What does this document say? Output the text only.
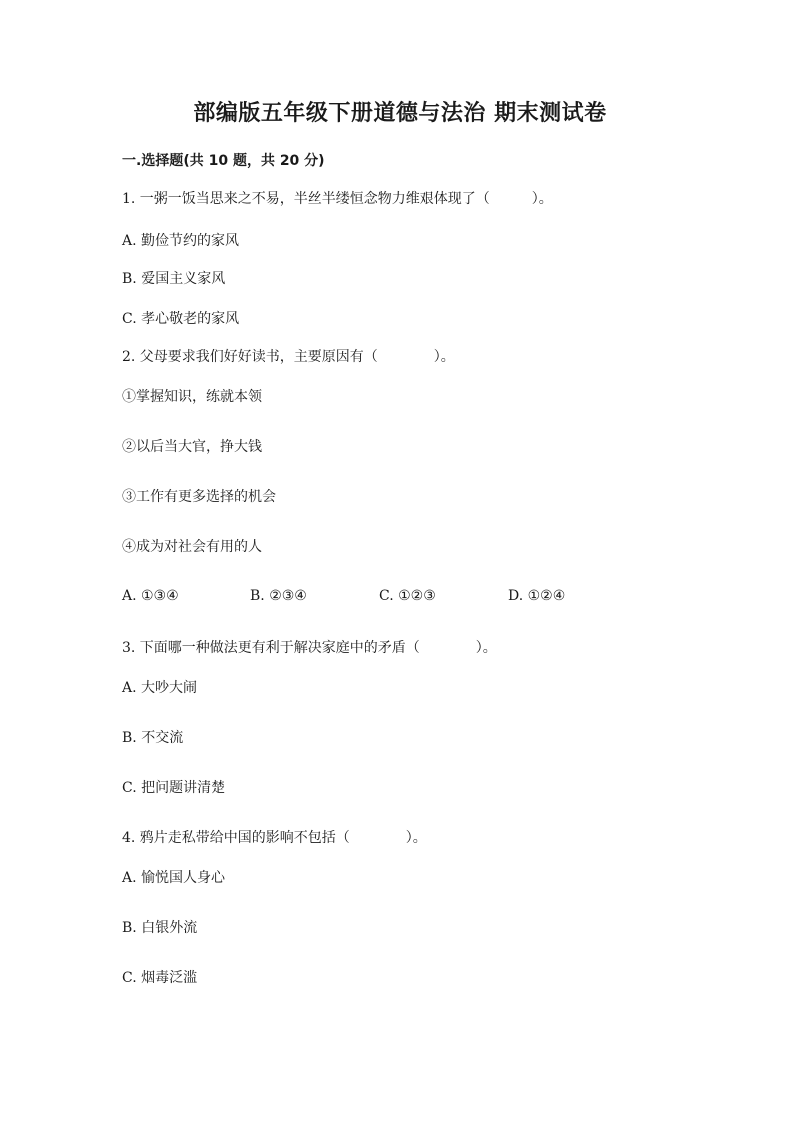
部编版五年级下册道德与法治 期末测试卷
一.选择题(共 10 题，共 20 分)
1. 一粥一饭当思来之不易，半丝半缕恒念物力维艰体现了（　　　）。
A. 勤俭节约的家风
B. 爱国主义家风
C. 孝心敬老的家风
2. 父母要求我们好好读书，主要原因有（　　　　）。
①掌握知识，练就本领
②以后当大官，挣大钱
③工作有更多选择的机会
④成为对社会有用的人
A. ①③④	B. ②③④	C. ①②③	D. ①②④
3. 下面哪一种做法更有利于解决家庭中的矛盾（　　　　）。
A. 大吵大闹
B. 不交流
C. 把问题讲清楚
4. 鸦片走私带给中国的影响不包括（　　　　）。
A. 愉悦国人身心
B. 白银外流
C. 烟毒泛滥
